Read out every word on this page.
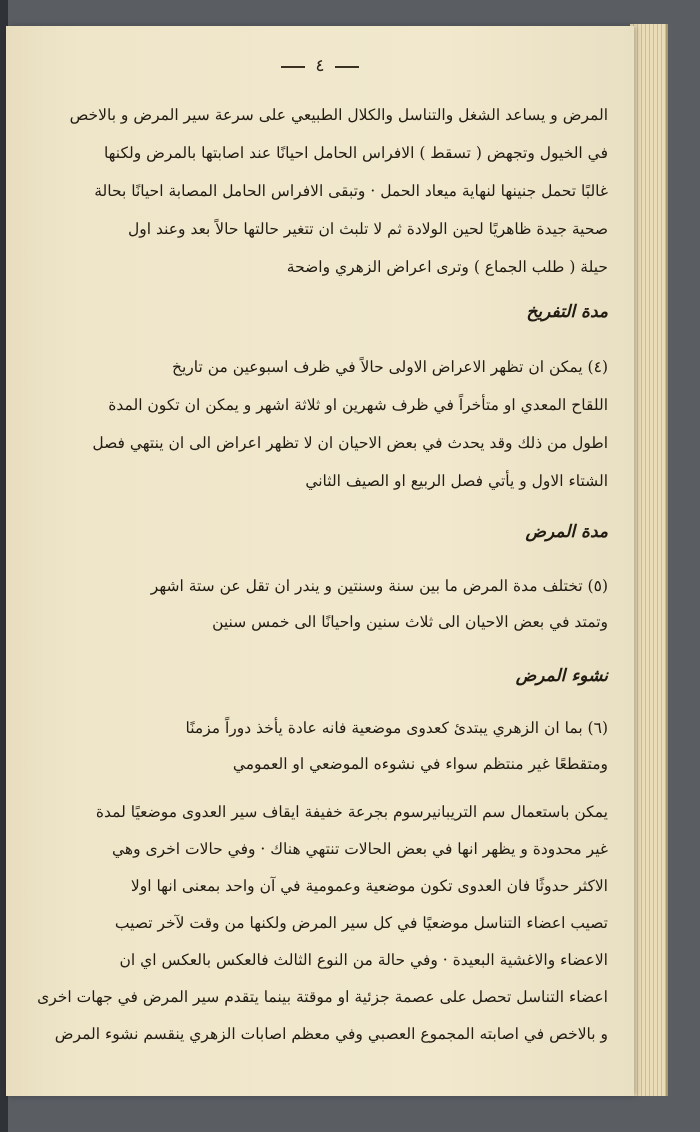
٤
المرض و يساعد الشغل والتناسل والكلال الطبيعي على سرعة سير المرض و بالاخص
في الخيول وتجهض ( تسقط ) الافراس الحامل احيانًا عند اصابتها بالمرض ولكنها
غالبًا تحمل جنينها لنهاية ميعاد الحمل · وتبقى الافراس الحامل المصابة احيانًا بحالة
صحية جيدة ظاهريًا لحين الولادة ثم لا تلبث ان تتغير حالتها حالاً بعد وعند اول
حيلة ( طلب الجماع ) وترى اعراض الزهري واضحة
مدة التفريخ
(٤) يمكن ان تظهر الاعراض الاولى حالاً في ظرف اسبوعين من تاريخ
اللقاح المعدي او متأخراً في ظرف شهرين او ثلاثة اشهر و يمكن ان تكون المدة
اطول من ذلك وقد يحدث في بعض الاحيان ان لا تظهر اعراض الى ان ينتهي فصل
الشتاء الاول و يأتي فصل الربيع او الصيف الثاني
مدة المرض
(٥) تختلف مدة المرض ما بين سنة وسنتين و يندر ان تقل عن ستة اشهر
وتمتد في بعض الاحيان الى ثلاث سنين واحيانًا الى خمس سنين
نشوء المرض
(٦) بما ان الزهري يبتدئ كعدوى موضعية فانه عادة يأخذ دوراً مزمنًا
ومتقطعًا غير منتظم سواء في نشوءه الموضعي او العمومي
يمكن باستعمال سم التريبانيرسوم بجرعة خفيفة ايقاف سير العدوى موضعيًا لمدة
غير محدودة و يظهر انها في بعض الحالات تنتهي هناك · وفي حالات اخرى وهي
الاكثر حدوثًا فان العدوى تكون موضعية وعمومية في آن واحد بمعنى انها اولا
تصيب اعضاء التناسل موضعيًا في كل سير المرض ولكنها من وقت لآخر تصيب
الاعضاء والاغشية البعيدة · وفي حالة من النوع الثالث فالعكس بالعكس اي ان
اعضاء التناسل تحصل على عصمة جزئية او موقتة بينما يتقدم سير المرض في جهات اخرى
و بالاخص في اصابته المجموع العصبي وفي معظم اصابات الزهري ينقسم نشوء المرض
